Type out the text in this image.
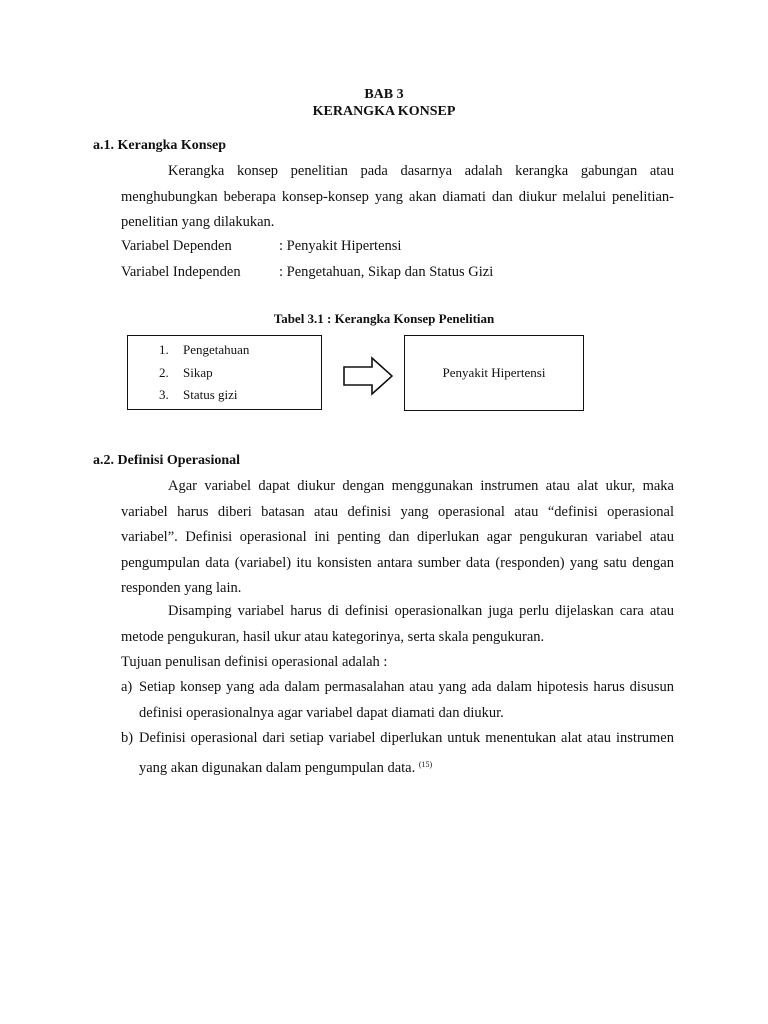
BAB 3
KERANGKA KONSEP
a.1. Kerangka Konsep

Kerangka konsep penelitian pada dasarnya adalah kerangka gabungan atau menghubungkan beberapa konsep-konsep yang akan diamati dan diukur melalui penelitian-penelitian yang dilakukan.

Variabel Dependen	: Penyakit Hipertensi
Variabel Independen	: Pengetahuan, Sikap dan Status Gizi
Tabel 3.1 : Kerangka Konsep Penelitian
1. Pengetahuan
2. Sikap
3. Status gizi
Penyakit Hipertensi
a.2. Definisi Operasional

Agar variabel dapat diukur dengan menggunakan instrumen atau alat ukur, maka variabel harus diberi batasan atau definisi yang operasional atau “definisi operasional variabel”. Definisi operasional ini penting dan diperlukan agar pengukuran variabel atau pengumpulan data (variabel) itu konsisten antara sumber data (responden) yang satu dengan responden yang lain.

Disamping variabel harus di definisi operasionalkan juga perlu dijelaskan cara atau metode pengukuran, hasil ukur atau kategorinya, serta skala pengukuran.

Tujuan penulisan definisi operasional adalah :
a) Setiap konsep yang ada dalam permasalahan atau yang ada dalam hipotesis harus disusun definisi operasionalnya agar variabel dapat diamati dan diukur.

b) Definisi operasional dari setiap variabel diperlukan untuk menentukan alat atau instrumen yang akan digunakan dalam pengumpulan data. $^{(15)}$
